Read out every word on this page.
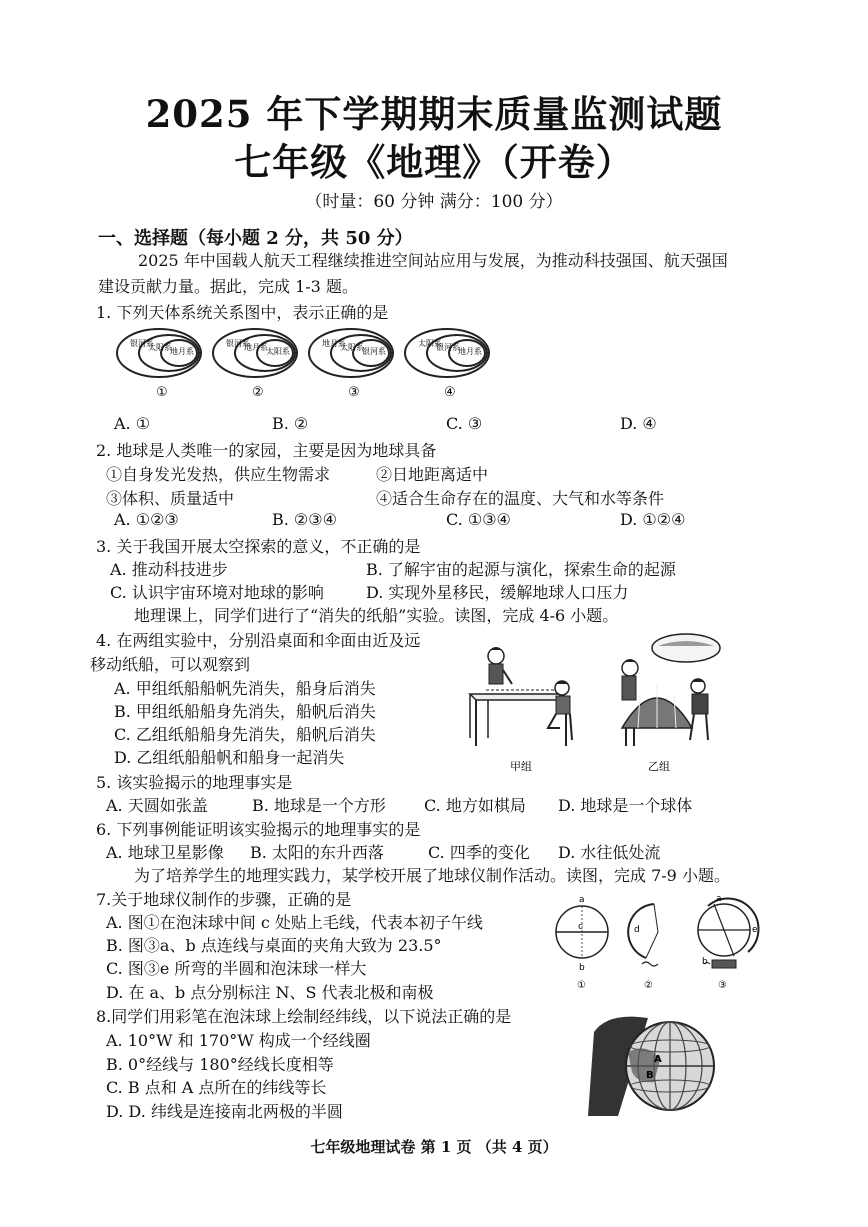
2025 年下学期期末质量监测试题
七年级《地理》（开卷）
（时量：60 分钟 满分：100 分）
一、选择题（每小题 2 分，共 50 分）
2025 年中国载人航天工程继续推进空间站应用与发展，为推动科技强国、航天强国
建设贡献力量。据此，完成 1-3 题。
1. 下列天体系统关系图中，表示正确的是
银河系
太阳系
地月系
①
银河系
地月系
太阳系
②
地月系
太阳系
银河系
③
太阳系
银河系
地月系
④
A. ①	B. ②	C. ③	D. ④
2. 地球是人类唯一的家园，主要是因为地球具备
①自身发光发热，供应生物需求	②日地距离适中
③体积、质量适中	④适合生命存在的温度、大气和水等条件
A. ①②③	B. ②③④	C. ①③④	D. ①②④
3. 关于我国开展太空探索的意义，不正确的是
A. 推动科技进步	B. 了解宇宙的起源与演化，探索生命的起源
C. 认识宇宙环境对地球的影响	D. 实现外星移民，缓解地球人口压力
地理课上，同学们进行了“消失的纸船”实验。读图，完成 4-6 小题。
4. 在两组实验中，分别沿桌面和伞面由近及远
移动纸船，可以观察到
A. 甲组纸船船帆先消失，船身后消失
B. 甲组纸船船身先消失，船帆后消失
C. 乙组纸船船身先消失，船帆后消失
D. 乙组纸船船帆和船身一起消失	甲组	乙组
5. 该实验揭示的地理事实是
A. 天圆如张盖	B. 地球是一个方形 C. 地方如棋局 D. 地球是一个球体
6. 下列事例能证明该实验揭示的地理事实的是
A. 地球卫星影像 B. 太阳的东升西落	C. 四季的变化 D. 水往低处流
为了培养学生的地理实践力，某学校开展了地球仪制作活动。读图，完成 7-9 小题。
7.关于地球仪制作的步骤，正确的是
A. 图①在泡沫球中间 c 处贴上毛线，代表本初子午线
B. 图③a、b 点连线与桌面的夹角大致为 23.5°
C. 图③e 所弯的半圆和泡沫球一样大
D. 在 a、b 点分别标注 N、S 代表北极和南极
a
b
c
①
d
②
a
b
e
③
8.同学们用彩笔在泡沫球上绘制经纬线，以下说法正确的是
A. 10°W 和 170°W 构成一个经线圈
B. 0°经线与 180°经线长度相等
C. B 点和 A 点所在的纬线等长
D. D. 纬线是连接南北两极的半圆
A
B
七年级地理试卷 第 1 页 （共 4 页）
